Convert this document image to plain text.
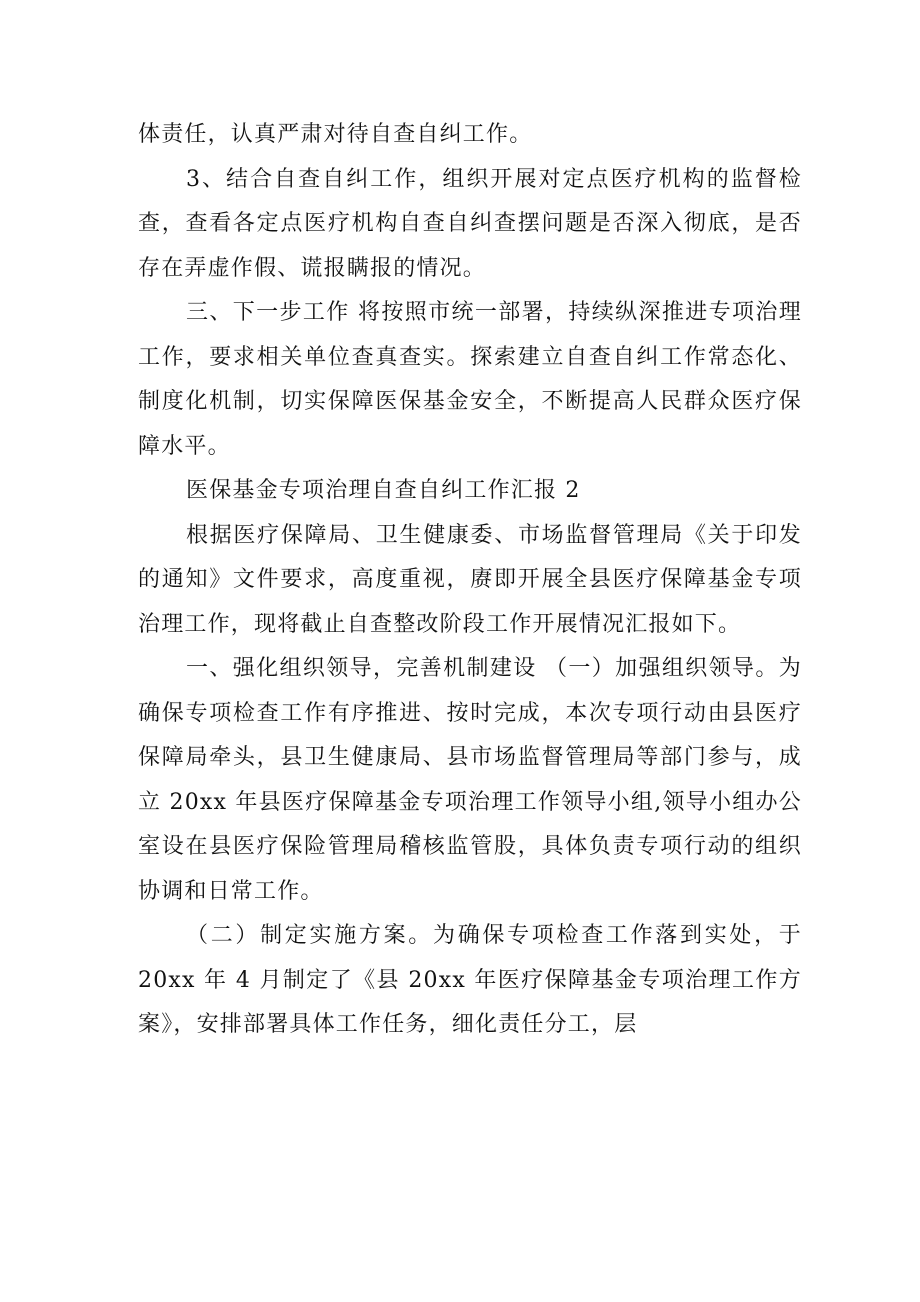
体责任，认真严肃对待自查自纠工作。

3、结合自查自纠工作，组织开展对定点医疗机构的监督检查，查看各定点医疗机构自查自纠查摆问题是否深入彻底，是否存在弄虚作假、谎报瞒报的情况。

三、下一步工作 将按照市统一部署，持续纵深推进专项治理工作，要求相关单位查真查实。探索建立自查自纠工作常态化、制度化机制，切实保障医保基金安全，不断提高人民群众医疗保障水平。

医保基金专项治理自查自纠工作汇报 2

根据医疗保障局、卫生健康委、市场监督管理局《关于印发的通知》文件要求，高度重视，赓即开展全县医疗保障基金专项治理工作，现将截止自查整改阶段工作开展情况汇报如下。

一、强化组织领导，完善机制建设 （一）加强组织领导。为确保专项检查工作有序推进、按时完成，本次专项行动由县医疗保障局牵头，县卫生健康局、县市场监督管理局等部门参与，成立 20xx 年县医疗保障基金专项治理工作领导小组,领导小组办公室设在县医疗保险管理局稽核监管股，具体负责专项行动的组织协调和日常工作。

（二）制定实施方案。为确保专项检查工作落到实处，于 20xx 年 4 月制定了《县 20xx 年医疗保障基金专项治理工作方案》，安排部署具体工作任务，细化责任分工，层
